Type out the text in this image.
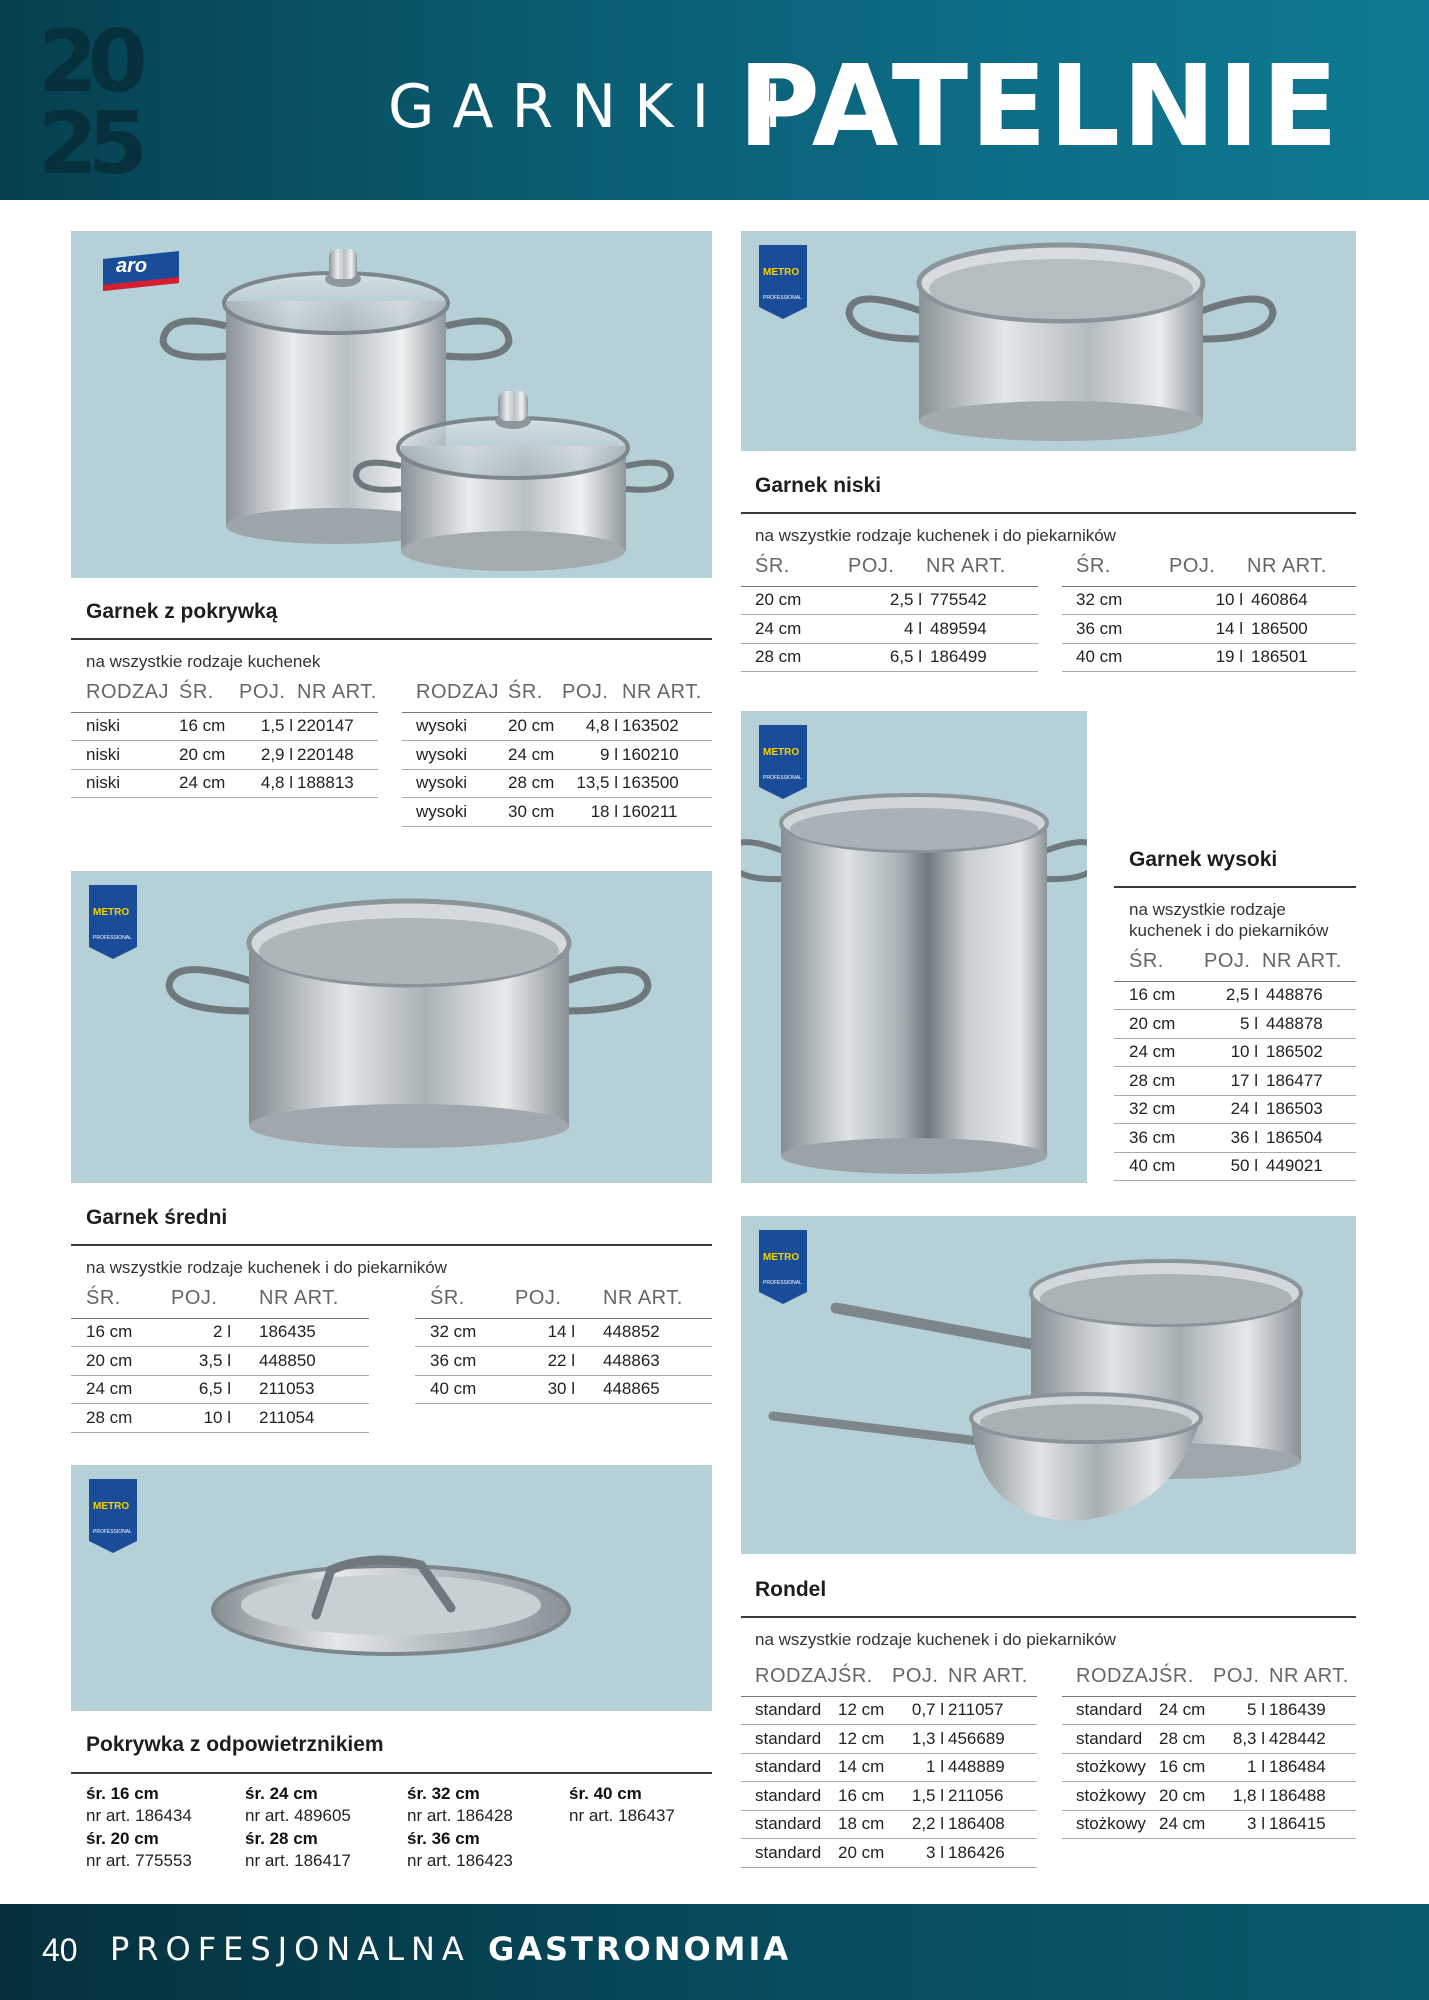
20
25	GARNKI I
PATELNIE
aro
Garnek z pokrywką
na wszystkie rodzaje kuchenek
RODZAJ	ŚR.	POJ.	NR ART.
niski	16 cm	1,5 l	220147
niski	20 cm	2,9 l	220148
niski	24 cm	4,8 l	188813
RODZAJ	ŚR.	POJ.	NR ART.
wysoki	20 cm	4,8 l	163502
wysoki	24 cm	9 l	160210
wysoki	28 cm	13,5 l	163500
wysoki	30 cm	18 l	160211
METRO
PROFESSIONAL
Garnek niski
na wszystkie rodzaje kuchenek i do piekarników
ŚR.	POJ.	NR ART.
20 cm	2,5 l	775542
24 cm	4 l	489594
28 cm	6,5 l	186499
ŚR.	POJ.	NR ART.
32 cm	10 l	460864
36 cm	14 l	186500
40 cm	19 l	186501
METRO
PROFESSIONAL
Garnek wysoki
na wszystkie rodzaje
kuchenek i do piekarników
ŚR.	POJ.	NR ART.
16 cm	2,5 l	448876
20 cm	5 l	448878
24 cm	10 l	186502
28 cm	17 l	186477
32 cm	24 l	186503
36 cm	36 l	186504
40 cm	50 l	449021
METRO
PROFESSIONAL
Garnek średni
na wszystkie rodzaje kuchenek i do piekarników
ŚR.	POJ.	NR ART.
16 cm	2 l	186435
20 cm	3,5 l	448850
24 cm	6,5 l	211053
28 cm	10 l	211054
ŚR.	POJ.	NR ART.
32 cm	14 l	448852
36 cm	22 l	448863
40 cm	30 l	448865
METRO
PROFESSIONAL
Rondel
na wszystkie rodzaje kuchenek i do piekarników
RODZAJ	ŚR.	POJ.	NR ART.
standard	12 cm	0,7 l	211057
standard	12 cm	1,3 l	456689
standard	14 cm	1 l	448889
standard	16 cm	1,5 l	211056
standard	18 cm	2,2 l	186408
standard	20 cm	3 l	186426
RODZAJ	ŚR.	POJ.	NR ART.
standard	24 cm	5 l	186439
standard	28 cm	8,3 l	428442
stożkowy	16 cm	1 l	186484
stożkowy	20 cm	1,8 l	186488
stożkowy	24 cm	3 l	186415
METRO
PROFESSIONAL
Pokrywka z odpowietrznikiem
śr. 16 cm
nr art. 186434
śr. 20 cm
nr art. 775553
śr. 24 cm
nr art. 489605
śr. 28 cm
nr art. 186417
śr. 32 cm
nr art. 186428
śr. 36 cm
nr art. 186423
śr. 40 cm
nr art. 186437
40 PROFESJONALNA GASTRONOMIA
